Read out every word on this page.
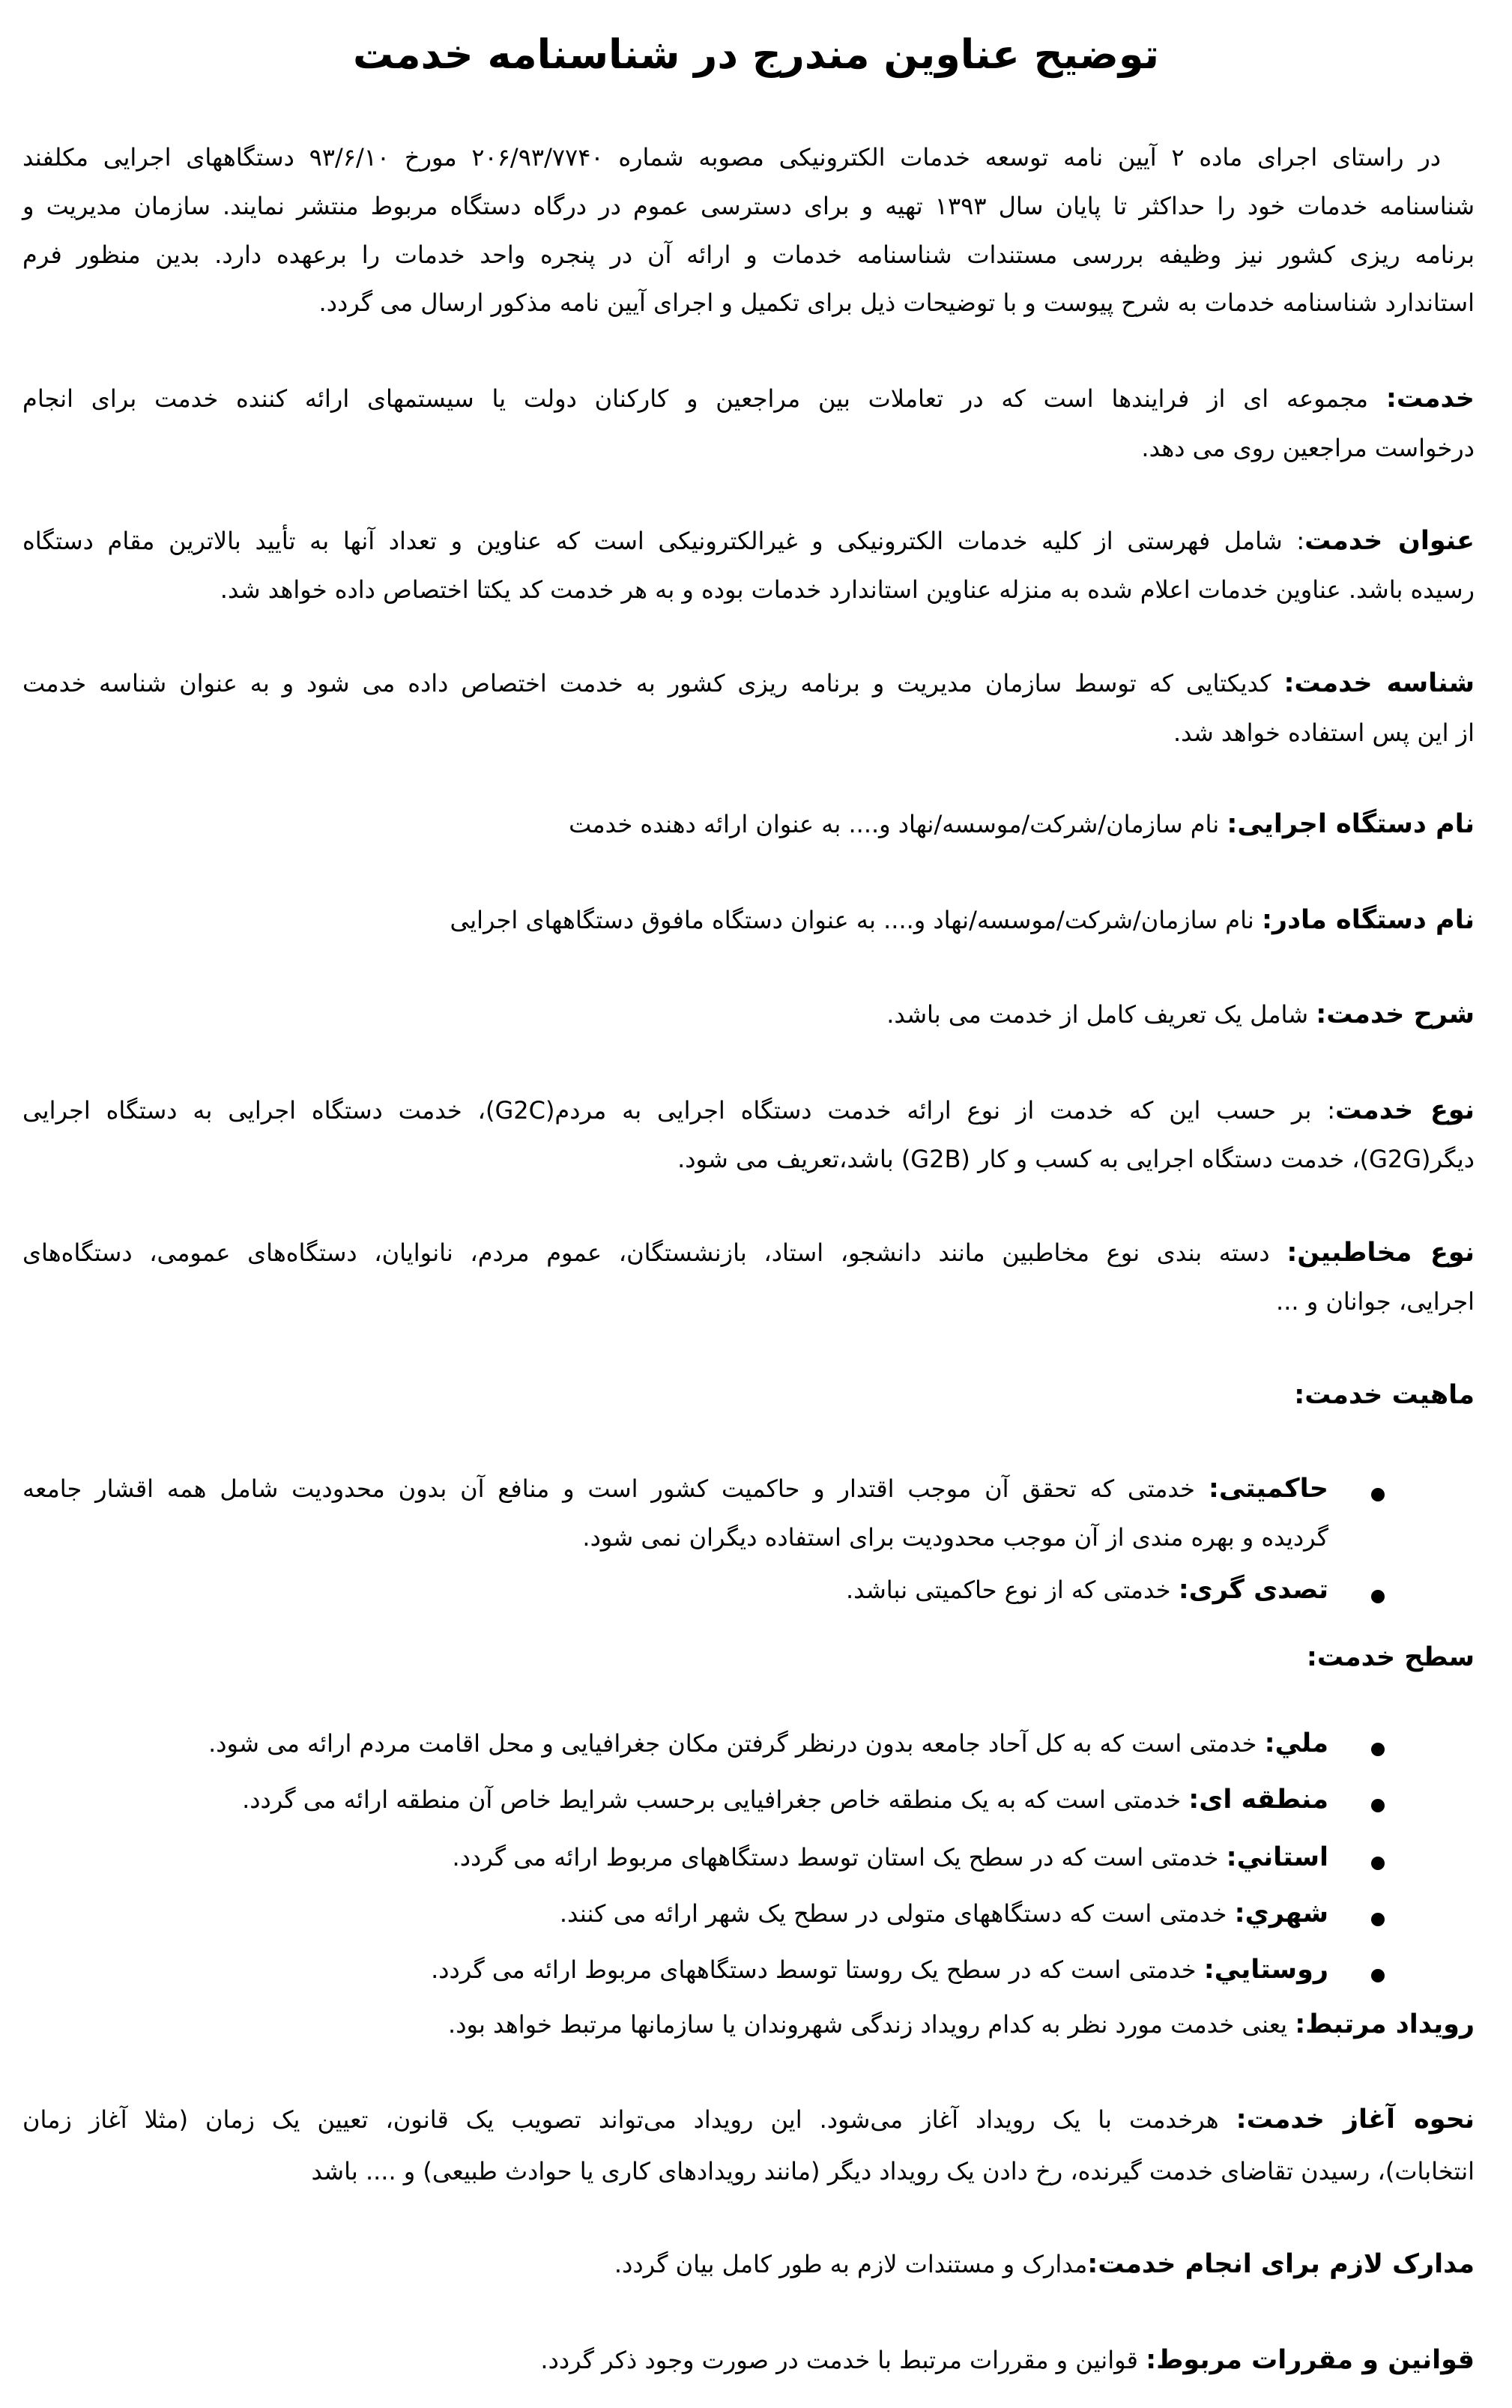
توضیح عناوین مندرج در شناسنامه خدمت
در راستای اجرای ماده ۲ آیین نامه توسعه خدمات الکترونیکی مصوبه شماره ۲۰۶/۹۳/۷۷۴۰ مورخ ۹۳/۶/۱۰ دستگاههای اجرایی مکلفند
شناسنامه خدمات خود را حداکثر تا پایان سال ۱۳۹۳ تهیه و برای دسترسی عموم در درگاه دستگاه مربوط منتشر نمایند. سازمان مدیریت و
برنامه ریزی کشور نیز وظیفه بررسی مستندات شناسنامه خدمات و ارائه آن در پنجره واحد خدمات را برعهده دارد. بدین منظور فرم
استاندارد شناسنامه خدمات به شرح پیوست و با توضیحات ذیل برای تکمیل و اجرای آیین نامه مذکور ارسال می گردد.
خدمت: مجموعه ای از فرایندها است که در تعاملات بین مراجعین و کارکنان دولت یا سیستمهای ارائه کننده خدمت برای انجام
درخواست مراجعین روی می دهد.
عنوان خدمت: شامل فهرستی از کلیه خدمات الکترونیکی و غیرالکترونیکی است که عناوین و تعداد آنها به تأیید بالاترین مقام دستگاه
رسیده باشد. عناوین خدمات اعلام شده به منزله عناوین استاندارد خدمات بوده و به هر خدمت کد یکتا اختصاص داده خواهد شد.
شناسه خدمت: کدیکتایی که توسط سازمان مدیریت و برنامه ریزی کشور به خدمت اختصاص داده می شود و به عنوان شناسه خدمت
از این پس استفاده خواهد شد.
نام دستگاه اجرایی: نام سازمان/شرکت/موسسه/نهاد و.... به عنوان ارائه دهنده خدمت
نام دستگاه مادر: نام سازمان/شرکت/موسسه/نهاد و.... به عنوان دستگاه مافوق دستگاههای اجرایی
شرح خدمت: شامل یک تعریف کامل از خدمت می باشد.
نوع خدمت: بر حسب این که خدمت از نوع ارائه خدمت دستگاه اجرایی به مردم(G2C)، خدمت دستگاه اجرایی به دستگاه اجرایی
دیگر(G2G)، خدمت دستگاه اجرایی به کسب و کار (G2B) باشد،تعریف می شود.
نوع مخاطبین: دسته بندی نوع مخاطبین مانند دانشجو، استاد، بازنشستگان، عموم مردم، نانوایان، دستگاه‌های عمومی، دستگاه‌های
اجرایی، جوانان و ...
ماهیت خدمت:
حاکمیتی: خدمتی که تحقق آن موجب اقتدار و حاکمیت کشور است و منافع آن بدون محدودیت شامل همه اقشار جامعه
گردیده و بهره مندی از آن موجب محدودیت برای استفاده دیگران نمی شود.
تصدی گری: خدمتی که از نوع حاکمیتی نباشد.
سطح خدمت:
ملي: خدمتی است که به کل آحاد جامعه بدون درنظر گرفتن مکان جغرافیایی و محل اقامت مردم ارائه می شود.
منطقه ای: خدمتی است که به یک منطقه خاص جغرافیایی برحسب شرایط خاص آن منطقه ارائه می گردد.
استاني: خدمتی است که در سطح یک استان توسط دستگاههای مربوط ارائه می گردد.
شهري: خدمتی است که دستگاههای متولی در سطح یک شهر ارائه می کنند.
روستايي: خدمتی است که در سطح یک روستا توسط دستگاههای مربوط ارائه می گردد.
رویداد مرتبط: یعنی خدمت مورد نظر به کدام رویداد زندگی شهروندان یا سازمانها مرتبط خواهد بود.
نحوه آغاز خدمت: هرخدمت با یک رویداد آغاز می‌شود. این رویداد می‌تواند تصویب یک قانون، تعیین یک زمان (مثلا آغاز زمان
انتخابات)، رسیدن تقاضای خدمت گیرنده، رخ دادن یک رویداد دیگر (مانند رویدادهای کاری یا حوادث طبیعی) و .... باشد
مدارک لازم برای انجام خدمت:مدارک و مستندات لازم به طور کامل بیان گردد.
قوانین و مقررات مربوط: قوانین و مقررات مرتبط با خدمت در صورت وجود ذکر گردد.
